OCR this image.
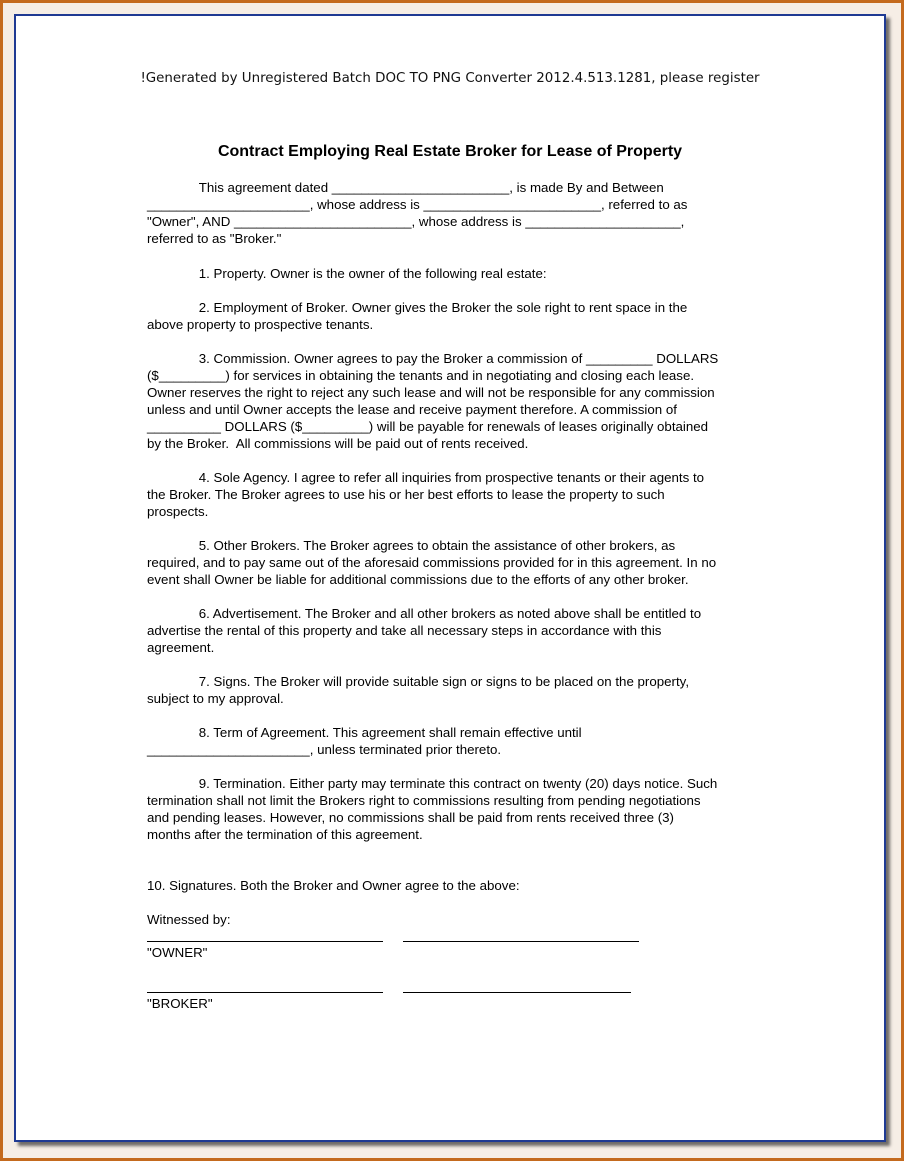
!Generated by Unregistered Batch DOC TO PNG Converter 2012.4.513.1281, please register
Contract Employing Real Estate Broker for Lease of Property

This agreement dated ________________________, is made By and Between
______________________, whose address is ________________________, referred to as
"Owner", AND ________________________, whose address is _____________________,
referred to as "Broker."

1. Property. Owner is the owner of the following real estate:

2. Employment of Broker. Owner gives the Broker the sole right to rent space in the
above property to prospective tenants.

3. Commission. Owner agrees to pay the Broker a commission of _________ DOLLARS
($_________) for services in obtaining the tenants and in negotiating and closing each lease.
Owner reserves the right to reject any such lease and will not be responsible for any commission
unless and until Owner accepts the lease and receive payment therefore. A commission of
__________ DOLLARS ($_________) will be payable for renewals of leases originally obtained
by the Broker.  All commissions will be paid out of rents received.

4. Sole Agency. I agree to refer all inquiries from prospective tenants or their agents to
the Broker. The Broker agrees to use his or her best efforts to lease the property to such
prospects.

5. Other Brokers. The Broker agrees to obtain the assistance of other brokers, as
required, and to pay same out of the aforesaid commissions provided for in this agreement. In no
event shall Owner be liable for additional commissions due to the efforts of any other broker.

6. Advertisement. The Broker and all other brokers as noted above shall be entitled to
advertise the rental of this property and take all necessary steps in accordance with this
agreement.

7. Signs. The Broker will provide suitable sign or signs to be placed on the property,
subject to my approval.

8. Term of Agreement. This agreement shall remain effective until
______________________, unless terminated prior thereto.

9. Termination. Either party may terminate this contract on twenty (20) days notice. Such
termination shall not limit the Brokers right to commissions resulting from pending negotiations
and pending leases. However, no commissions shall be paid from rents received three (3)
months after the termination of this agreement.

10. Signatures. Both the Broker and Owner agree to the above:

Witnessed by:

"OWNER"
"BROKER"
